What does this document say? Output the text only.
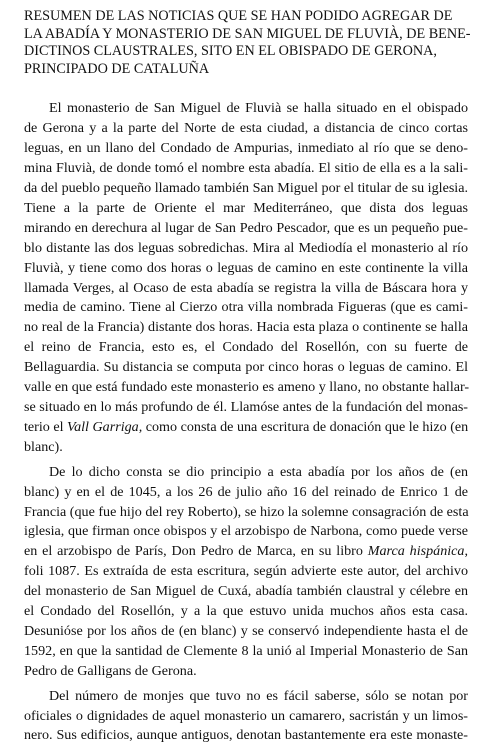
RESUMEN DE LAS NOTICIAS QUE SE HAN PODIDO AGREGAR DE
LA ABADÍA Y MONASTERIO DE SAN MIGUEL DE FLUVIÀ, DE BENE-
DICTINOS CLAUSTRALES, SITO EN EL OBISPADO DE GERONA,
PRINCIPADO DE CATALUÑA

El monasterio de San Miguel de Fluvià se halla situado en el obispado
de Gerona y a la parte del Norte de esta ciudad, a distancia de cinco cortas
leguas, en un llano del Condado de Ampurias, inmediato al río que se deno-
mina Fluvià, de donde tomó el nombre esta abadía. El sitio de ella es a la sali-
da del pueblo pequeño llamado también San Miguel por el titular de su iglesia.
Tiene a la parte de Oriente el mar Mediterráneo, que dista dos leguas
mirando en derechura al lugar de San Pedro Pescador, que es un pequeño pue-
blo distante las dos leguas sobredichas. Mira al Mediodía el monasterio al río
Fluvià, y tiene como dos horas o leguas de camino en este continente la villa
llamada Verges, al Ocaso de esta abadía se registra la villa de Báscara hora y
media de camino. Tiene al Cierzo otra villa nombrada Figueras (que es cami-
no real de la Francia) distante dos horas. Hacia esta plaza o continente se halla
el reino de Francia, esto es, el Condado del Rosellón, con su fuerte de
Bellaguardia. Su distancia se computa por cinco horas o leguas de camino. El
valle en que está fundado este monasterio es ameno y llano, no obstante hallar-
se situado en lo más profundo de él. Llamóse antes de la fundación del monas-
terio el Vall Garriga, como consta de una escritura de donación que le hizo (en
blanc).

De lo dicho consta se dio principio a esta abadía por los años de (en
blanc) y en el de 1045, a los 26 de julio año 16 del reinado de Enrico 1 de
Francia (que fue hijo del rey Roberto), se hizo la solemne consagración de esta
iglesia, que firman once obispos y el arzobispo de Narbona, como puede verse
en el arzobispo de París, Don Pedro de Marca, en su libro Marca hispánica,
foli 1087. Es extraída de esta escritura, según advierte este autor, del archivo
del monasterio de San Miguel de Cuxá, abadía también claustral y célebre en
el Condado del Rosellón, y a la que estuvo unida muchos años esta casa.
Desunióse por los años de (en blanc) y se conservó independiente hasta el de
1592, en que la santidad de Clemente 8 la unió al Imperial Monasterio de San
Pedro de Galligans de Gerona.

Del número de monjes que tuvo no es fácil saberse, sólo se notan por
oficiales o dignidades de aquel monasterio un camarero, sacristán y un limos-
nero. Sus edificios, aunque antiguos, denotan bastantemente era este monaste-
